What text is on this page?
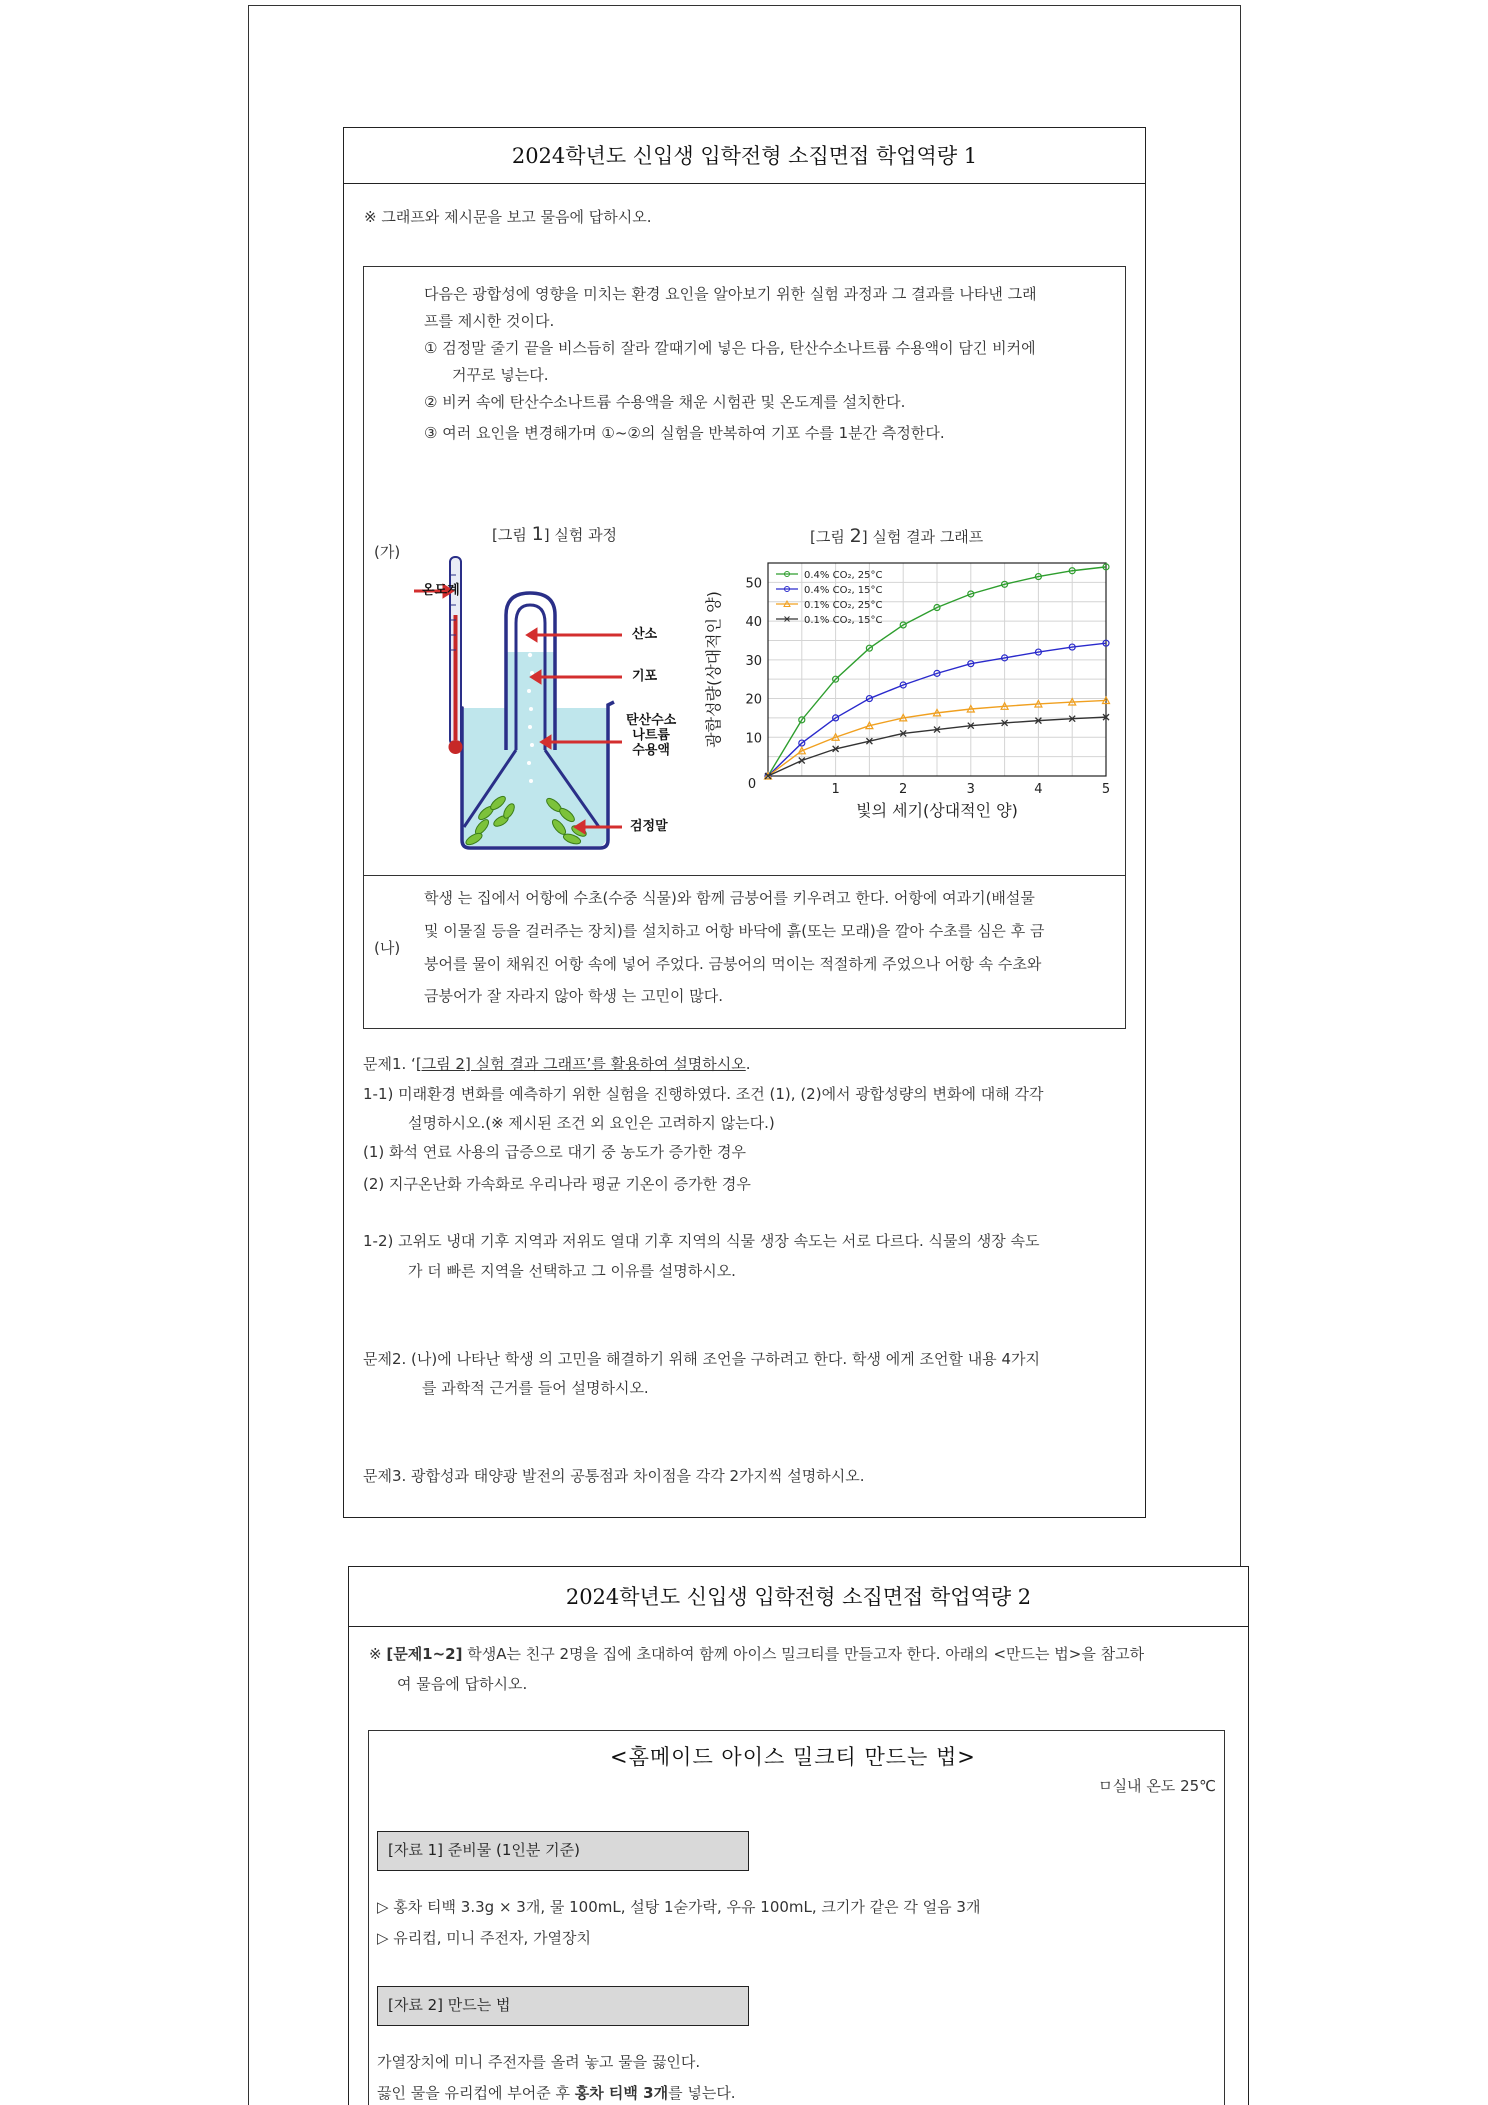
2024학년도 신입생 입학전형 소집면접 학업역량 1
※ 그래프와 제시문을 보고 물음에 답하시오.
(가)
(나)
다음은 광합성에 영향을 미치는 환경 요인을 알아보기 위한 실험 과정과 그 결과를 나타낸 그래
프를 제시한 것이다.
① 검정말 줄기 끝을 비스듬히 잘라 깔때기에 넣은 다음, 탄산수소나트륨 수용액이 담긴 비커에
거꾸로 넣는다.
② 비커 속에 탄산수소나트륨 수용액을 채운 시험관 및 온도계를 설치한다.
③ 여러 요인을 변경해가며 ①~②의 실험을 반복하여 기포 수를 1분간 측정한다.
[그림 1] 실험 과정	[그림 2] 실험 결과 그래프
온도계
산소
기포
탄산수소
나트륨
수용액
검정말
1	2	3	4	5
10
20
30
40
50
0
빛의 세기(상대적인 양)
광합성량(상대적인 양)
0.4% CO₂, 25°C
0.4% CO₂, 15°C
0.1% CO₂, 25°C
0.1% CO₂, 15°C
학생 는 집에서 어항에 수초(수중 식물)와 함께 금붕어를 키우려고 한다. 어항에 여과기(배설물
및 이물질 등을 걸러주는 장치)를 설치하고 어항 바닥에 흙(또는 모래)을 깔아 수초를 심은 후 금
붕어를 물이 채워진 어항 속에 넣어 주었다. 금붕어의 먹이는 적절하게 주었으나 어항 속 수초와
금붕어가 잘 자라지 않아 학생 는 고민이 많다.
문제1. ‘[그림 2] 실험 결과 그래프’를 활용하여 설명하시오.
1-1) 미래환경 변화를 예측하기 위한 실험을 진행하였다. 조건 (1), (2)에서 광합성량의 변화에 대해 각각
설명하시오.(※ 제시된 조건 외 요인은 고려하지 않는다.)
(1) 화석 연료 사용의 급증으로 대기 중 농도가 증가한 경우
(2) 지구온난화 가속화로 우리나라 평균 기온이 증가한 경우
1-2) 고위도 냉대 기후 지역과 저위도 열대 기후 지역의 식물 생장 속도는 서로 다르다. 식물의 생장 속도
가 더 빠른 지역을 선택하고 그 이유를 설명하시오.
문제2. (나)에 나타난 학생 의 고민을 해결하기 위해 조언을 구하려고 한다. 학생 에게 조언할 내용 4가지
를 과학적 근거를 들어 설명하시오.
문제3. 광합성과 태양광 발전의 공통점과 차이점을 각각 2가지씩 설명하시오.
2024학년도 신입생 입학전형 소집면접 학업역량 2
※ [문제1~2] 학생A는 친구 2명을 집에 초대하여 함께 아이스 밀크티를 만들고자 한다. 아래의 <만드는 법>을 참고하
여 물음에 답하시오.
<홈메이드 아이스 밀크티 만드는 법>
ㅁ실내 온도 25℃
[자료 1] 준비물 (1인분 기준)
▷ 홍차 티백 3.3g × 3개, 물 100mL, 설탕 1숟가락, 우유 100mL, 크기가 같은 각 얼음 3개
▷ 유리컵, 미니 주전자, 가열장치
[자료 2] 만드는 법
가열장치에 미니 주전자를 올려 놓고 물을 끓인다.
끓인 물을 유리컵에 부어준 후 홍차 티백 3개를 넣는다.
